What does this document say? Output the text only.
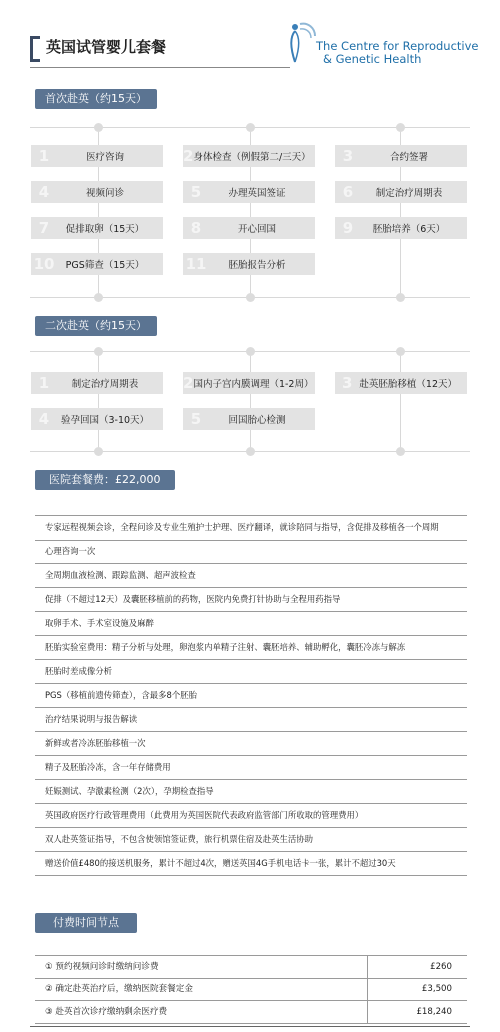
英国试管婴儿套餐	The Centre for Reproductive
& Genetic Health
首次赴英（约15天）
1	医疗咨询	2 身体检查（例假第二/三天）	3	合约签署
4	视频问诊	5	办理英国签证	6	制定治疗周期表
7	促排取卵（15天）	8	开心回国	9	胚胎培养（6天）
10	PGS筛查（15天）	11	胚胎报告分析
二次赴英（约15天）
1	制定治疗周期表	2 国内子宫内膜调理（1-2周）	3 赴英胚胎移植（12天）
4	验孕回国（3-10天）	5	回国胎心检测
医院套餐费：£22,000
专家远程视频会诊，全程问诊及专业生殖护士护理、医疗翻译，就诊陪同与指导，含促排及移植各一个周期
心理咨询一次
全周期血液检测、跟踪监测、超声波检查
促排（不超过12天）及囊胚移植前的药物，医院内免费打针协助与全程用药指导
取卵手术、手术室设施及麻醉
胚胎实验室费用：精子分析与处理，卵泡浆内单精子注射、囊胚培养、辅助孵化，囊胚冷冻与解冻
胚胎时差成像分析
PGS（移植前遗传筛查），含最多8个胚胎
治疗结果说明与报告解读
新鲜或者冷冻胚胎移植一次
精子及胚胎冷冻，含一年存储费用
妊娠测试、孕激素检测（2次），孕期检查指导
英国政府医疗行政管理费用（此费用为英国医院代表政府监管部门所收取的管理费用）
双人赴英签证指导，不包含使领馆签证费，旅行机票住宿及赴英生活协助
赠送价值£480的接送机服务，累计不超过4次，赠送英国4G手机电话卡一张，累计不超过30天
付费时间节点
① 预约视频问诊时缴纳问诊费	£260
② 确定赴英治疗后，缴纳医院套餐定金	£3,500
③ 赴英首次诊疗缴纳剩余医疗费	£18,240
